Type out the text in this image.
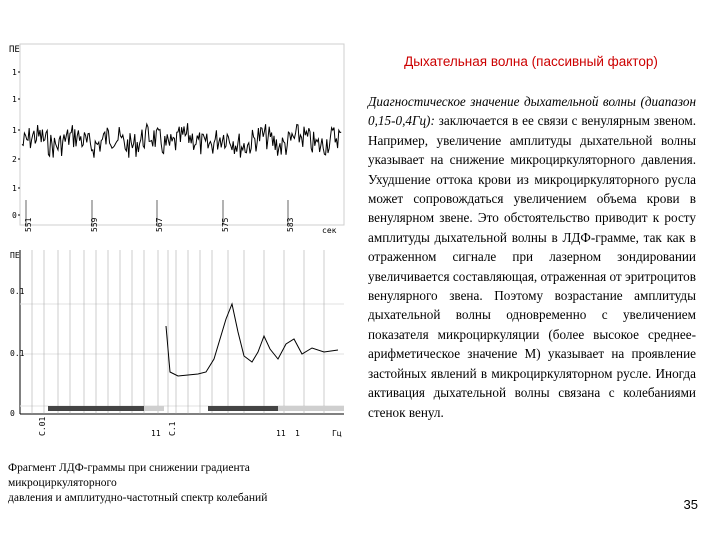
ПЕ
1
1
1
2
1
0
551	559	567	575	583	сек
ПЕ
0.1
0.1
0
C.01	11 C.1	11 1	Гц
Фрагмент ЛДФ-граммы при снижении градиента
микроциркуляторного
давления и амплитудно-частотный спектр колебаний
Дыхательная волна (пассивный фактор)
Диагностическое значение дыхательной волны (диапазон 0,15-0,4Гц): заключается в ее связи с венулярным звеном. Например, увеличение амплитуды дыхательной волны указывает на снижение микроциркуляторного давления. Ухудшение оттока крови из микроциркуляторного русла может сопровождаться увеличением объема крови в венулярном звене. Это обстоятельство приводит к росту амплитуды дыхательной волны в ЛДФ-грамме, так как в отраженном сигнале при лазерном зондировании увеличивается составляющая, отраженная от эритроцитов венулярного звена. Поэтому возрастание амплитуды дыхательной волны одновременно с увеличением показателя микроциркуляции (более высокое среднее-арифметическое значение М) указывает на проявление застойных явлений в микроциркуляторном русле. Иногда активация дыхательной волны связана с колебаниями стенок венул.
35
